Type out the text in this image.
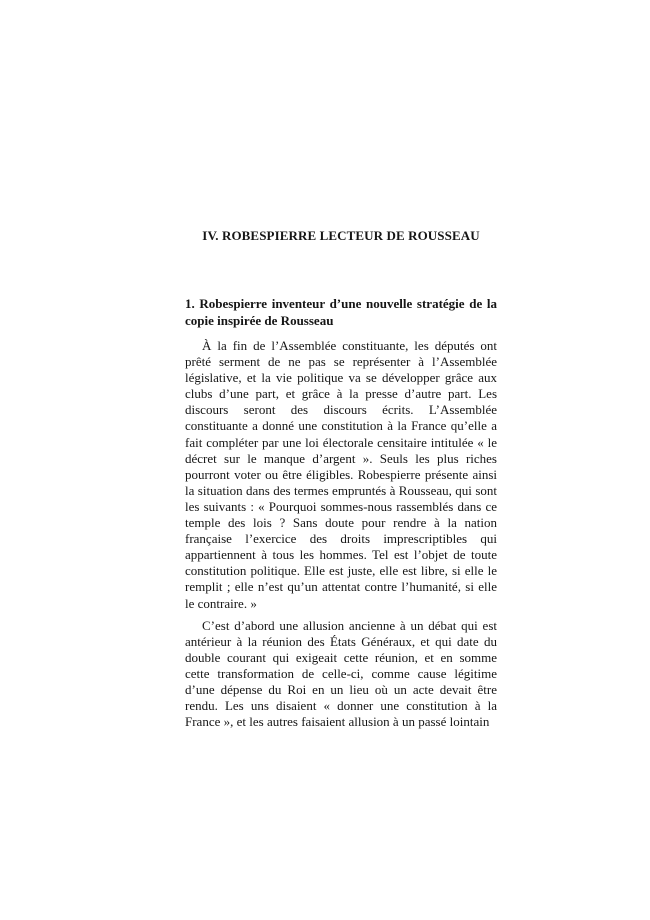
IV. ROBESPIERRE LECTEUR DE ROUSSEAU
1. Robespierre inventeur d’une nouvelle stratégie de la copie inspirée de Rousseau

À la fin de l’Assemblée constituante, les députés ont prêté serment de ne pas se représenter à l’Assemblée législative, et la vie politique va se développer grâce aux clubs d’une part, et grâce à la presse d’autre part. Les discours seront des discours écrits. L’Assemblée constituante a donné une constitution à la France qu’elle a fait compléter par une loi électorale censitaire intitulée « le décret sur le manque d’argent ». Seuls les plus riches pourront voter ou être éligibles. Robespierre présente ainsi la situation dans des termes empruntés à Rousseau, qui sont les suivants : « Pourquoi sommes-nous rassemblés dans ce temple des lois ? Sans doute pour rendre à la nation française l’exercice des droits imprescriptibles qui appartiennent à tous les hommes. Tel est l’objet de toute constitution politique. Elle est juste, elle est libre, si elle le remplit ; elle n’est qu’un attentat contre l’humanité, si elle le contraire. »

C’est d’abord une allusion ancienne à un débat qui est antérieur à la réunion des États Généraux, et qui date du double courant qui exigeait cette réunion, et en somme cette transformation de celle-ci, comme cause légitime d’une dépense du Roi en un lieu où un acte devait être rendu. Les uns disaient « donner une constitution à la France », et les autres faisaient allusion à un passé lointain
